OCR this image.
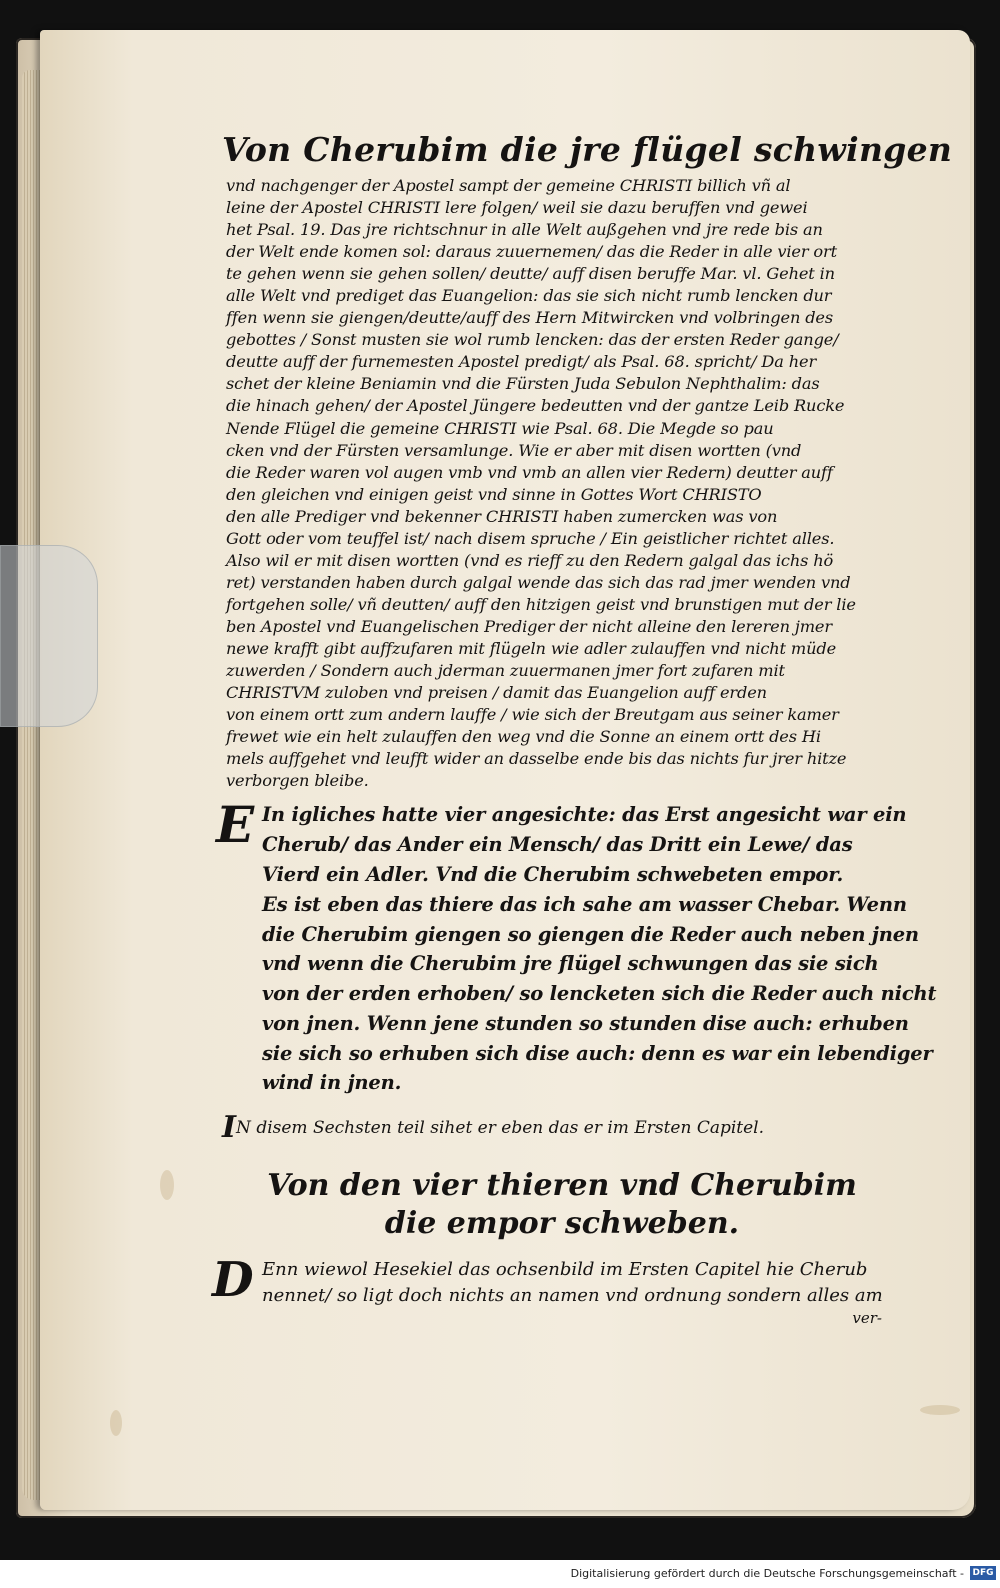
Von Cherubim die jre flügel schwingen
vnd nachgenger der Apostel sampt der gemeine CHRISTI billich vñ al
leine der Apostel CHRISTI lere folgen/ weil sie dazu beruffen vnd gewei
het Psal. 19. Das jre richtschnur in alle Welt außgehen vnd jre rede bis an
der Welt ende komen sol: daraus zuuernemen/ das die Reder in alle vier ort
te gehen wenn sie gehen sollen/ deutte/ auff disen beruffe Mar. vl. Gehet in
alle Welt vnd prediget das Euangelion: das sie sich nicht rumb lencken dur
ffen wenn sie giengen/deutte/auff des Hern Mitwircken vnd volbringen des
gebottes / Sonst musten sie wol rumb lencken: das der ersten Reder gange/
deutte auff der furnemesten Apostel predigt/ als Psal. 68. spricht/ Da her
schet der kleine Beniamin vnd die Fürsten Juda Sebulon Nephthalim: das
die hinach gehen/ der Apostel Jüngere bedeutten vnd der gantze Leib Rucke
Nende Flügel die gemeine CHRISTI wie Psal. 68. Die Megde so pau
cken vnd der Fürsten versamlunge. Wie er aber mit disen wortten (vnd
die Reder waren vol augen vmb vnd vmb an allen vier Redern) deutter auff
den gleichen vnd einigen geist vnd sinne in Gottes Wort CHRISTO
den alle Prediger vnd bekenner CHRISTI haben zumercken was von
Gott oder vom teuffel ist/ nach disem spruche / Ein geistlicher richtet alles.
Also wil er mit disen wortten (vnd es rieff zu den Redern galgal das ichs hö
ret) verstanden haben durch galgal wende das sich das rad jmer wenden vnd
fortgehen solle/ vñ deutten/ auff den hitzigen geist vnd brunstigen mut der lie
ben Apostel vnd Euangelischen Prediger der nicht alleine den lereren jmer
newe krafft gibt auffzufaren mit flügeln wie adler zulauffen vnd nicht müde
zuwerden / Sondern auch jderman zuuermanen jmer fort zufaren mit
CHRISTVM zuloben vnd preisen / damit das Euangelion auff erden
von einem ortt zum andern lauffe / wie sich der Breutgam aus seiner kamer
frewet wie ein helt zulauffen den weg vnd die Sonne an einem ortt des Hi
mels auffgehet vnd leufft wider an dasselbe ende bis das nichts fur jrer hitze
verborgen bleibe.
E In igliches hatte vier angesichte: das Erst angesicht war ein
Cherub/ das Ander ein Mensch/ das Dritt ein Lewe/ das
Vierd ein Adler. Vnd die Cherubim schwebeten empor.
Es ist eben das thiere das ich sahe am wasser Chebar. Wenn
die Cherubim giengen so giengen die Reder auch neben jnen
vnd wenn die Cherubim jre flügel schwungen das sie sich
von der erden erhoben/ so lencketen sich die Reder auch nicht
von jnen. Wenn jene stunden so stunden dise auch: erhuben
sie sich so erhuben sich dise auch: denn es war ein lebendiger
wind in jnen.
IN disem Sechsten teil sihet er eben das er im Ersten Capitel.
Von den vier thieren vnd Cherubim
die empor schweben.
D Enn wiewol Hesekiel das ochsenbild im Ersten Capitel hie Cherub
nennet/ so ligt doch nichts an namen vnd ordnung sondern alles am
ver-
Digitalisierung gefördert durch die Deutsche Forschungsgemeinschaft - DFG
